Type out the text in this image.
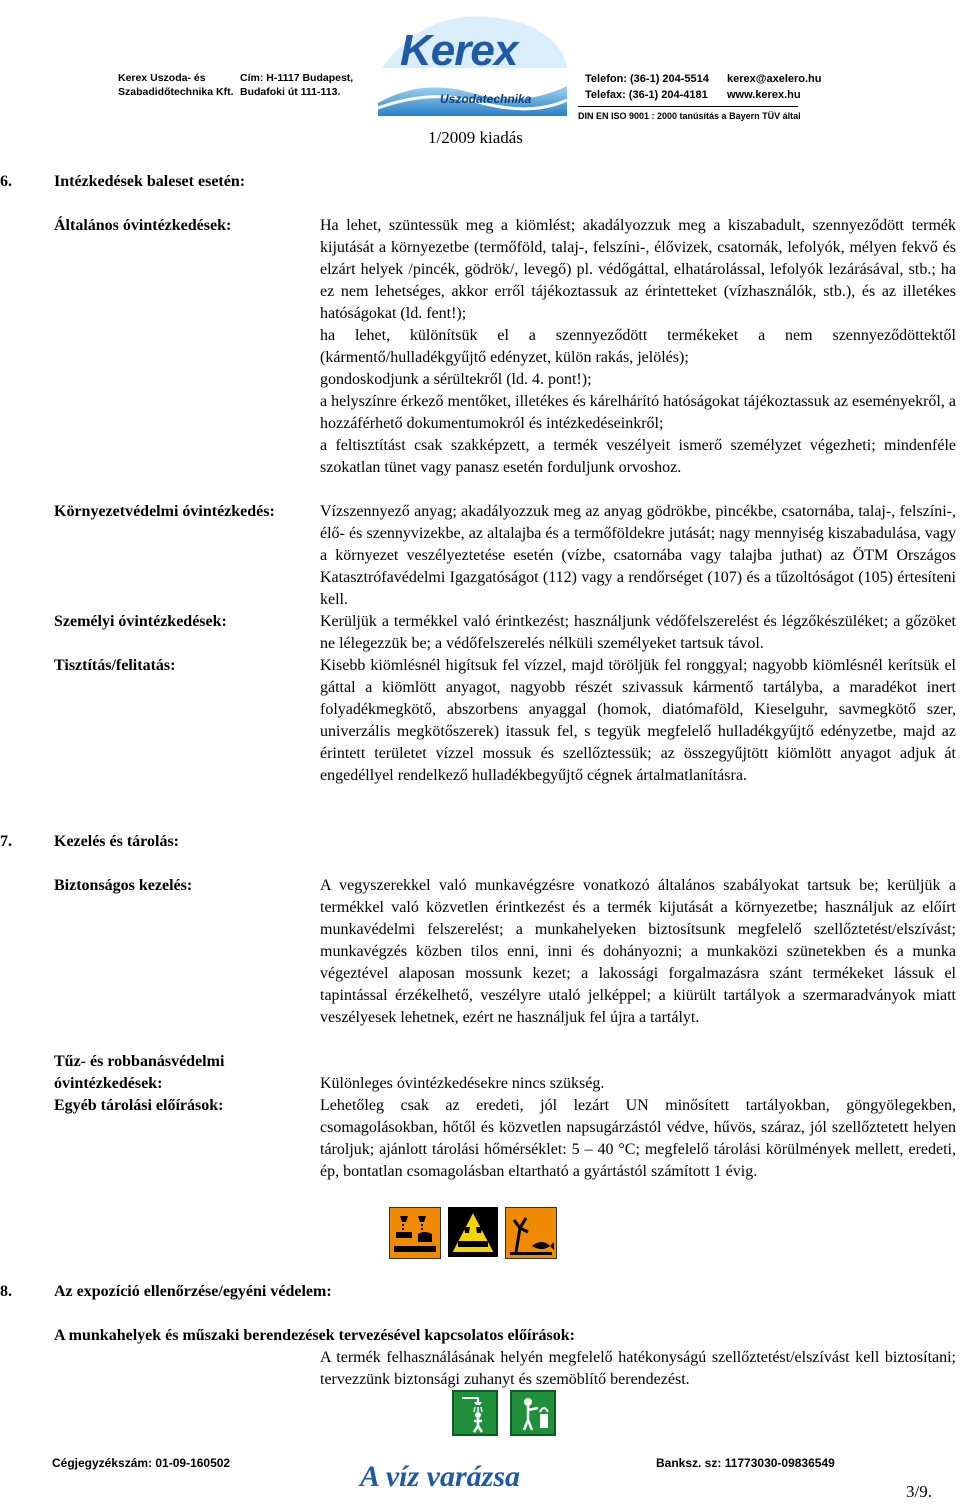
Kerex Uszoda- és
Szabadidőtechnika Kft.
Cím: H-1117 Budapest,
Budafoki út 111-113.
Kerex
Uszodatechnika
Telefon: (36-1) 204-5514 kerex@axelero.hu
Telefax: (36-1) 204-4181 www.kerex.hu
DIN EN ISO 9001 : 2000 tanúsítás a Bayern TÜV által
1/2009 kiadás
6.	Intézkedések baleset esetén:
Általános óvintézkedések:	Ha lehet, szüntessük meg a kiömlést; akadályozzuk meg a kiszabadult, szennyeződött termék kijutását a környezetbe (termőföld, talaj-, felszíni-, élővizek, csatornák, lefolyók, mélyen fekvő és elzárt helyek /pincék, gödrök/, levegő) pl. védőgáttal, elhatárolással, lefolyók lezárásával, stb.; ha ez nem lehetséges, akkor erről tájékoztassuk az érintetteket (vízhasználók, stb.), és az illetékes hatóságokat (ld. fent!);

ha lehet, különítsük el a szennyeződött termékeket a nem szennyeződöttektől (kármentő/hulladékgyűjtő edényzet, külön rakás, jelölés);

gondoskodjunk a sérültekről (ld. 4. pont!);

a helyszínre érkező mentőket, illetékes és kárelhárító hatóságokat tájékoztassuk az eseményekről, a hozzáférhető dokumentumokról és intézkedéseinkről;

a feltisztítást csak szakképzett, a termék veszélyeit ismerő személyzet végezheti; mindenféle szokatlan tünet vagy panasz esetén forduljunk orvoshoz.

Környezetvédelmi óvintézkedés:	Vízszennyező anyag; akadályozzuk meg az anyag gödrökbe, pincékbe, csatornába, talaj-, felszíni-, élő- és szennyvizekbe, az altalajba és a termőföldekre jutását; nagy mennyiség kiszabadulása, vagy a környezet veszélyeztetése esetén (vízbe, csatornába vagy talajba juthat) az ÖTM Országos Katasztrófavédelmi Igazgatóságot (112) vagy a rendőrséget (107) és a tűzoltóságot (105) értesíteni kell.
Személyi óvintézkedések:	Kerüljük a termékkel való érintkezést; használjunk védőfelszerelést és légzőkészüléket; a gőzöket ne lélegezzük be; a védőfelszerelés nélküli személyeket tartsuk távol.
Tisztítás/felitatás:	Kisebb kiömlésnél higítsuk fel vízzel, majd töröljük fel ronggyal; nagyobb kiömlésnél kerítsük el gáttal a kiömlött anyagot, nagyobb részét szivassuk kármentő tartályba, a maradékot inert folyadékmegkötő, abszorbens anyaggal (homok, diatómaföld, Kieselguhr, savmegkötő szer, univerzális megkötőszerek) itassuk fel, s tegyük megfelelő hulladékgyűjtő edényzetbe, majd az érintett területet vízzel mossuk és szellőztessük; az összegyűjtött kiömlött anyagot adjuk át engedéllyel rendelkező hulladékbegyűjtő cégnek ártalmatlanításra.
7.	Kezelés és tárolás:
Biztonságos kezelés:	A vegyszerekkel való munkavégzésre vonatkozó általános szabályokat tartsuk be; kerüljük a termékkel való közvetlen érintkezést és a termék kijutását a környezetbe; használjuk az előírt munkavédelmi felszerelést; a munkahelyeken biztosítsunk megfelelő szellőztetést/elszívást; munkavégzés közben tilos enni, inni és dohányozni; a munkaközi szünetekben és a munka végeztével alaposan mossunk kezet; a lakossági forgalmazásra szánt termékeket lássuk el tapintással érzékelhető, veszélyre utaló jelképpel; a kiürült tartályok a szermaradványok miatt veszélyesek lehetnek, ezért ne használjuk fel újra a tartályt.
Tűz- és robbanásvédelmi óvintézkedések:	Különleges óvintézkedésekre nincs szükség.
Egyéb tárolási előírások:	Lehetőleg csak az eredeti, jól lezárt UN minősített tartályokban, göngyölegekben, csomagolásokban, hőtől és közvetlen napsugárzástól védve, hűvös, száraz, jól szellőztetett helyen tároljuk; ajánlott tárolási hőmérséklet: 5 – 40 °C; megfelelő tárolási körülmények mellett, eredeti, ép, bontatlan csomagolásban eltartható a gyártástól számított 1 évig.
8.	Az expozíció ellenőrzése/egyéni védelem:
A munkahelyek és műszaki berendezések tervezésével kapcsolatos előírások:
A termék felhasználásának helyén megfelelő hatékonyságú szellőztetést/elszívást kell biztosítani; tervezzünk biztonsági zuhanyt és szemöblítő berendezést.
Cégjegyzékszám: 01-09-160502	A víz varázsa	Banksz. sz: 11773030-09836549
3/9.
